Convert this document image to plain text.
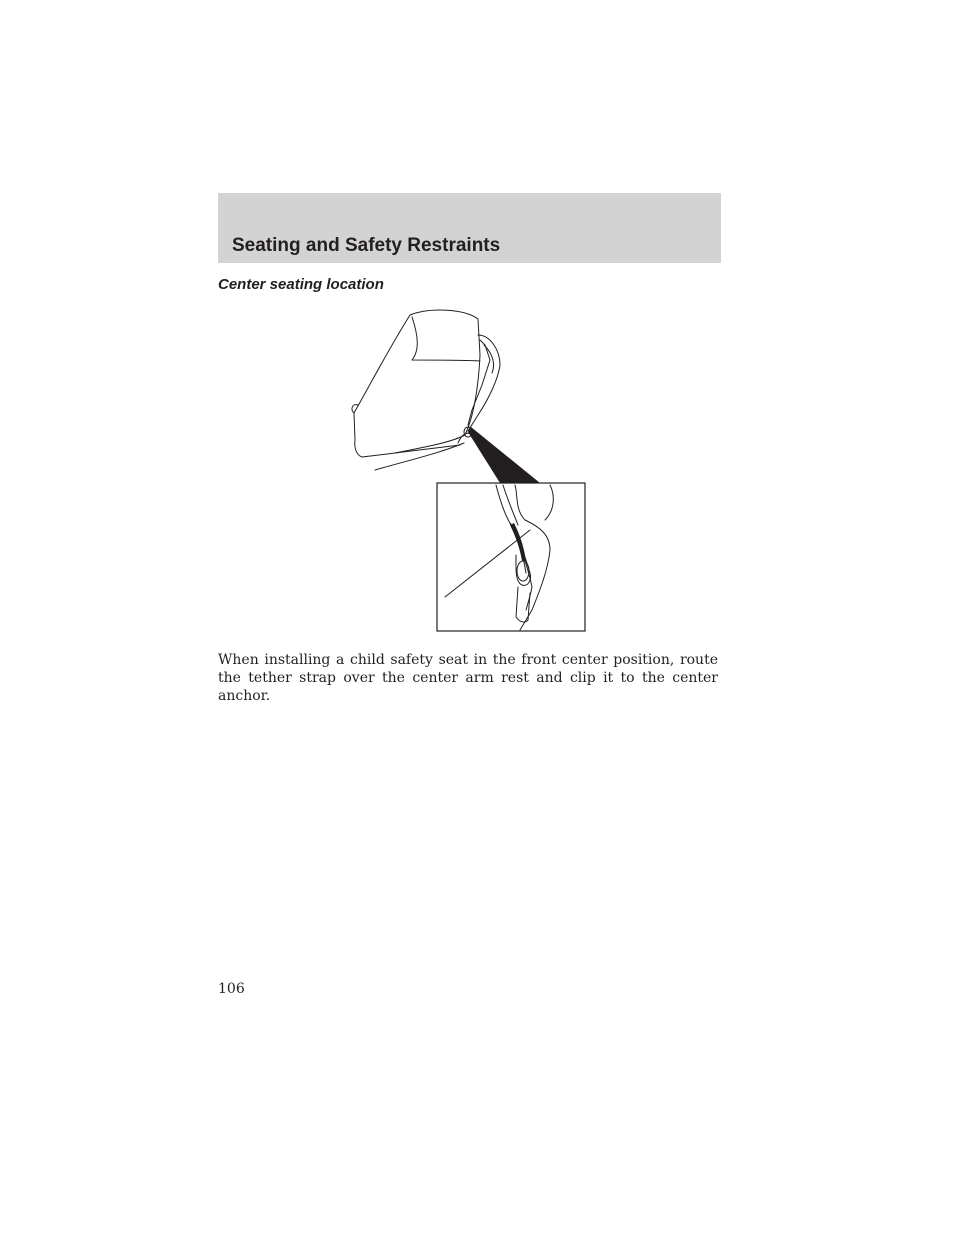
Seating and Safety Restraints
Center seating location

When installing a child safety seat in the front center position, route the tether strap over the center arm rest and clip it to the center anchor.

106
